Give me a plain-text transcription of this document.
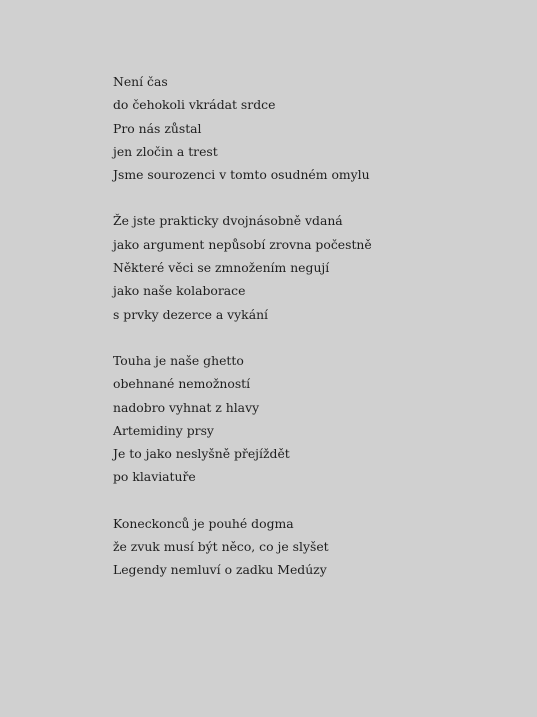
Není čas
do čehokoli vkrádat srdce
Pro nás zůstal
jen zločin a trest
Jsme sourozenci v tomto osudném omylu
Že jste prakticky dvojnásobně vdaná
jako argument nepůsobí zrovna počestně
Některé věci se zmnožením negují
jako naše kolaborace
s prvky dezerce a vykání
Touha je naše ghetto
obehnané nemožností
nadobro vyhnat z hlavy
Artemidiny prsy
Je to jako neslyšně přejíždět
po klaviatuře
Koneckonců je pouhé dogma
že zvuk musí být něco, co je slyšet
Legendy nemluví o zadku Medúzy
